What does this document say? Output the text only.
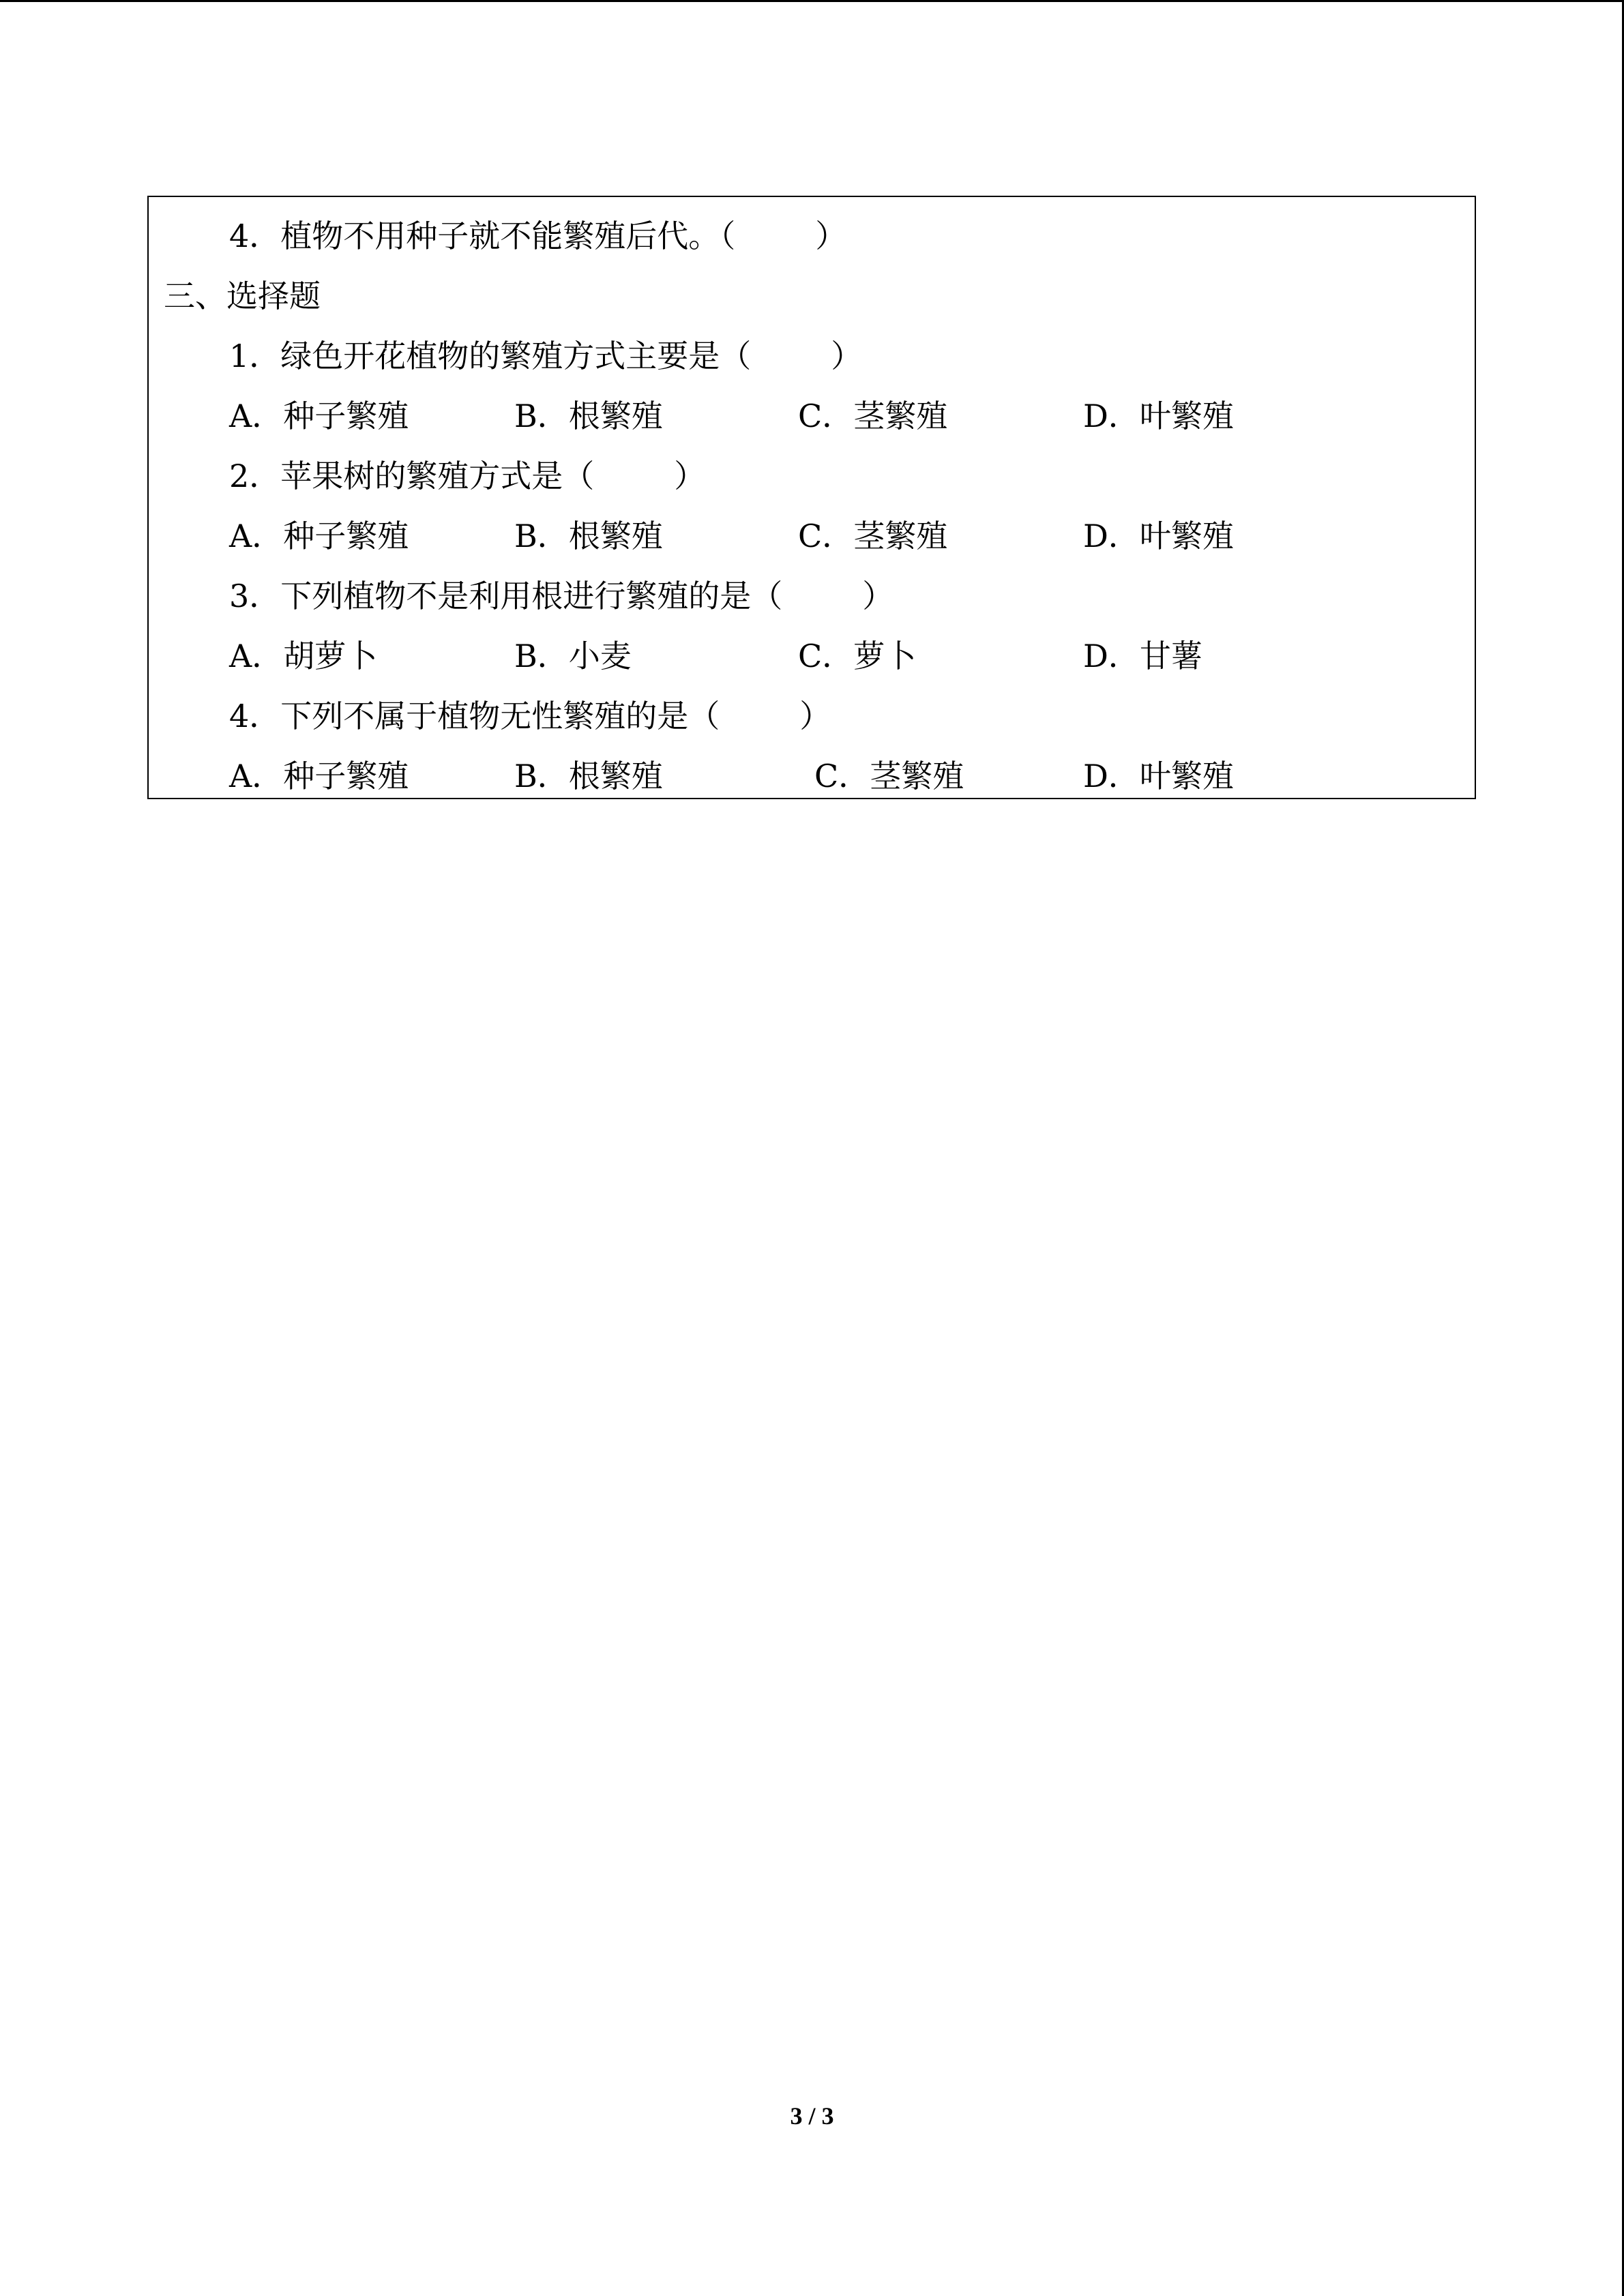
4．植物不用种子就不能繁殖后代。（        ）
三、选择题
1．绿色开花植物的繁殖方式主要是（        ）
A．种子繁殖	B．根繁殖	C．茎繁殖	D．叶繁殖
2．苹果树的繁殖方式是（        ）
A．种子繁殖	B．根繁殖	C．茎繁殖	D．叶繁殖
3．下列植物不是利用根进行繁殖的是（        ）
A．胡萝卜	B．小麦	C．萝卜	D．甘薯
4．下列不属于植物无性繁殖的是（        ）
A．种子繁殖	B．根繁殖	C．茎繁殖	D．叶繁殖
3 / 3
